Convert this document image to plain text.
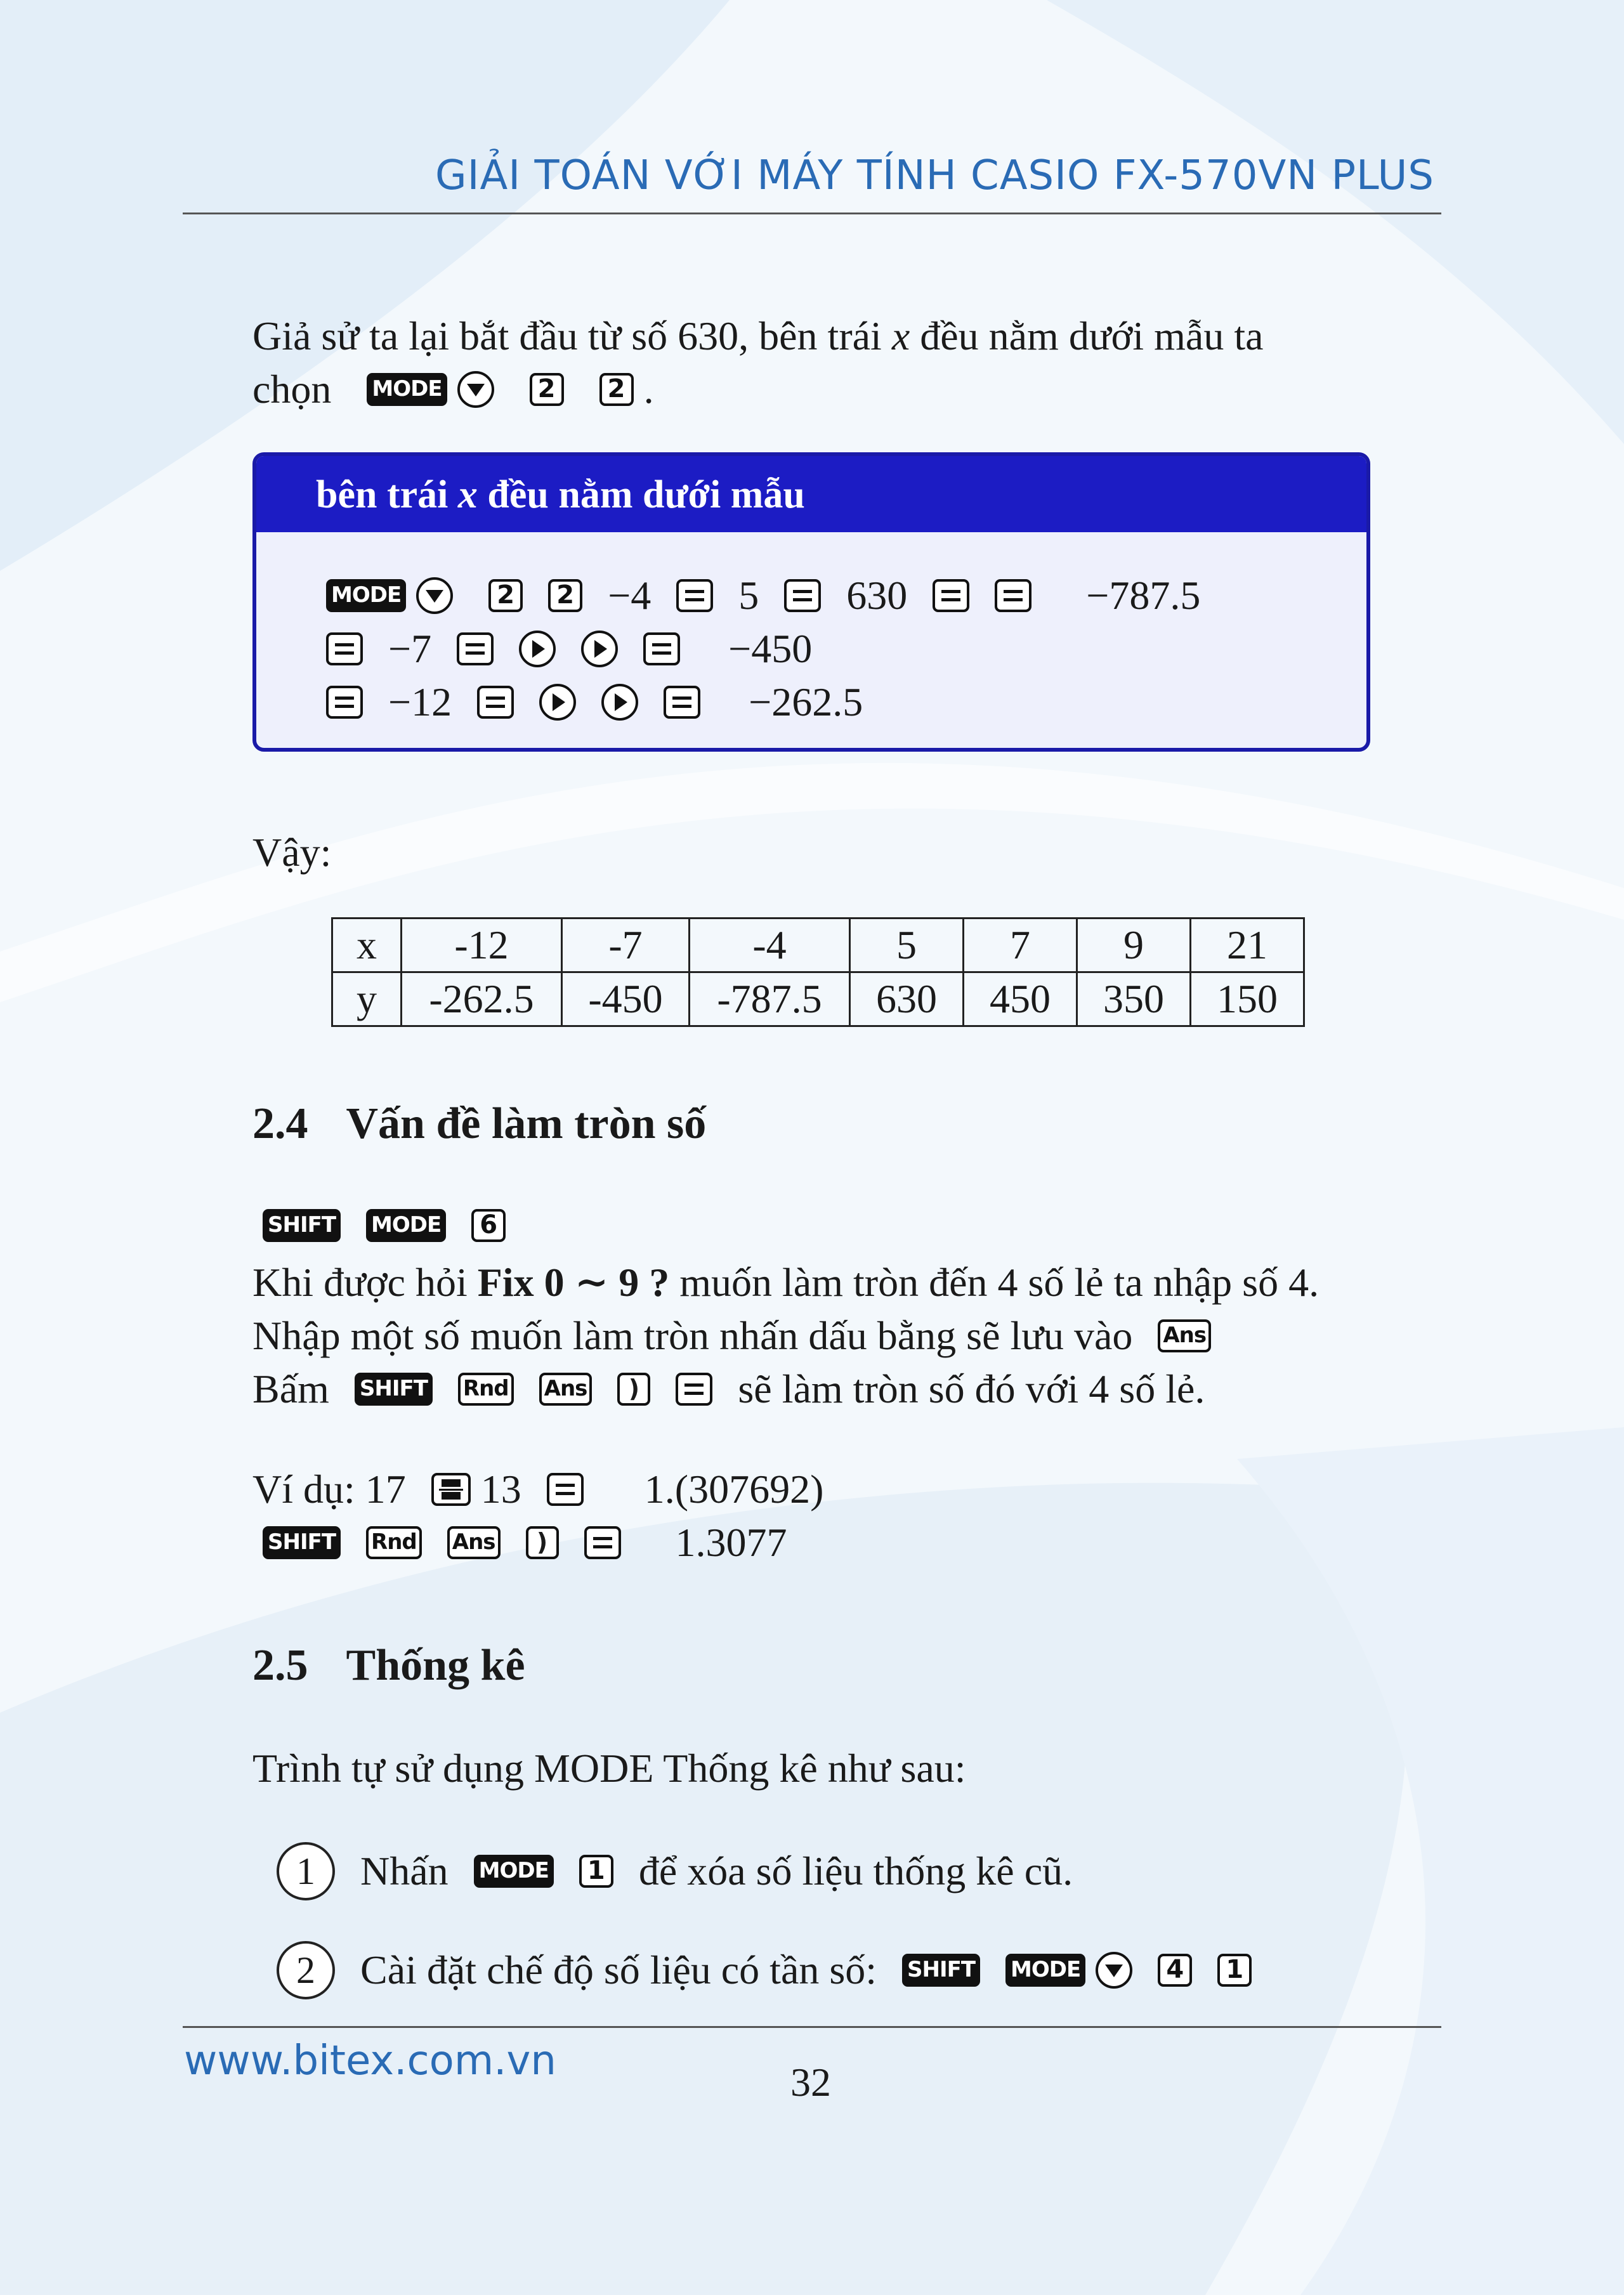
GIẢI TOÁN VỚI MÁY TÍNH CASIO FX-570VN PLUS
Giả sử ta lại bắt đầu từ số 630, bên trái x đều nằm dưới mẫu ta
chọn MODE	2 2 .
bên trái x đều nằm dưới mẫu
MODE	2 2 −4 5 630	−787.5
−7
	−450
−12
	−262.5
Vậy:
x	-12	-7	-4	5	7	9	21
y	-262.5	-450	-787.5	630	450	350	150
2.4 Vấn đề làm tròn số
SHIFT MODE 6
Khi được hỏi Fix 0 ∼ 9 ? muốn làm tròn đến 4 số lẻ ta nhập số 4.
Nhập một số muốn làm tròn nhấn dấu bằng sẽ lưu vào Ans
Bấm SHIFT Rnd Ans ) sẽ làm tròn số đó với 4 số lẻ.
Ví dụ: 17 13	1.(307692)
SHIFT Rnd Ans )	1.3077
2.5 Thống kê
Trình tự sử dụng MODE Thống kê như sau:
1 Nhấn MODE 1 để xóa số liệu thống kê cũ.
2 Cài đặt chế độ số liệu có tần số: SHIFT MODE	4 1
www.bitex.com.vn	32
